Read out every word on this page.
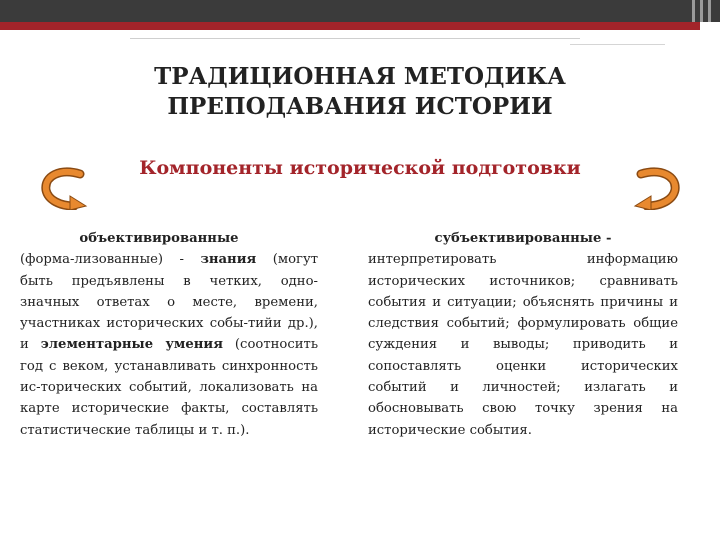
ТРАДИЦИОННАЯ МЕТОДИКА
ПРЕПОДАВАНИЯ ИСТОРИИ
Компоненты исторической подготовки
объективированные
(форма-лизованные) - знания (могут быть предъявлены в четких, одно-значных ответах о месте, времени, участниках исторических собы-тийи др.), и элементарные умения (соотносить год с веком, устанавливать синхронность ис-торических событий, локализовать на карте исторические факты, составлять статистические таблицы и т. п.).
субъективированные -
интерпретировать информацию исторических источников; сравнивать события и ситуации; объяснять причины и следствия событий; формулировать общие суждения и выводы; приводить и сопоставлять оценки исторических событий и личностей; излагать и обосновывать свою точку зрения на исторические события.
